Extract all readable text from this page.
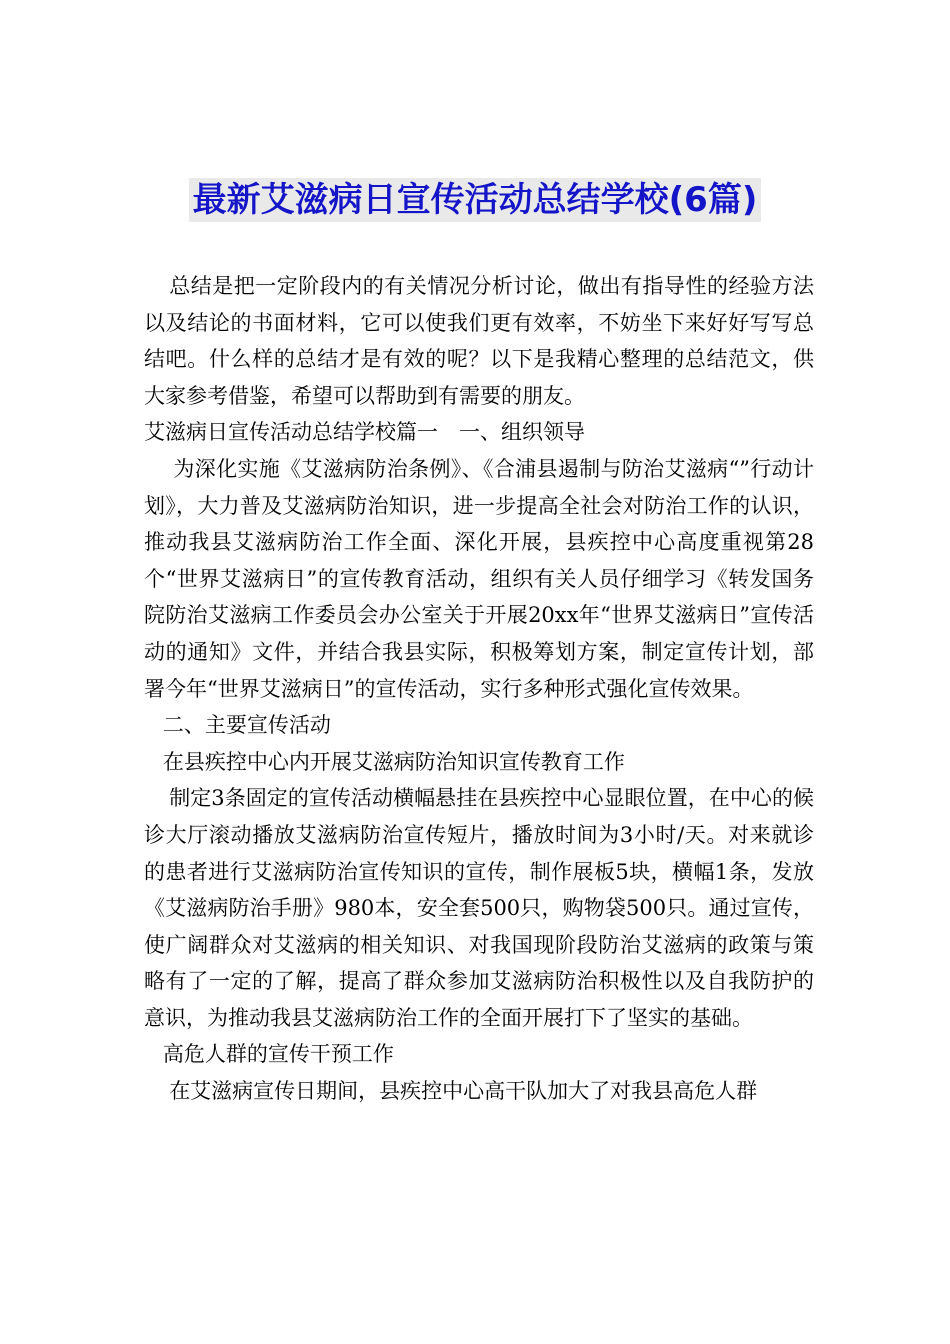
最新艾滋病日宣传活动总结学校(6篇)

总结是把一定阶段内的有关情况分析讨论，做出有指导性的经验方法以及结论的书面材料，它可以使我们更有效率，不妨坐下来好好写写总结吧。什么样的总结才是有效的呢？以下是我精心整理的总结范文，供大家参考借鉴，希望可以帮助到有需要的朋友。

艾滋病日宣传活动总结学校篇一　一、组织领导

为深化实施《艾滋病防治条例》、《合浦县遏制与防治艾滋病“”行动计划》，大力普及艾滋病防治知识，进一步提高全社会对防治工作的认识，推动我县艾滋病防治工作全面、深化开展，县疾控中心高度重视第28个“世界艾滋病日”的宣传教育活动，组织有关人员仔细学习《转发国务院防治艾滋病工作委员会办公室关于开展20xx年“世界艾滋病日”宣传活动的通知》文件，并结合我县实际，积极筹划方案，制定宣传计划，部署今年“世界艾滋病日”的宣传活动，实行多种形式强化宣传效果。

二、主要宣传活动

在县疾控中心内开展艾滋病防治知识宣传教育工作

制定3条固定的宣传活动横幅悬挂在县疾控中心显眼位置，在中心的候诊大厅滚动播放艾滋病防治宣传短片，播放时间为3小时/天。对来就诊的患者进行艾滋病防治宣传知识的宣传，制作展板5块，横幅1条，发放《艾滋病防治手册》980本，安全套500只，购物袋500只。通过宣传，使广阔群众对艾滋病的相关知识、对我国现阶段防治艾滋病的政策与策略有了一定的了解，提高了群众参加艾滋病防治积极性以及自我防护的意识，为推动我县艾滋病防治工作的全面开展打下了坚实的基础。

高危人群的宣传干预工作

在艾滋病宣传日期间，县疾控中心高干队加大了对我县高危人群
